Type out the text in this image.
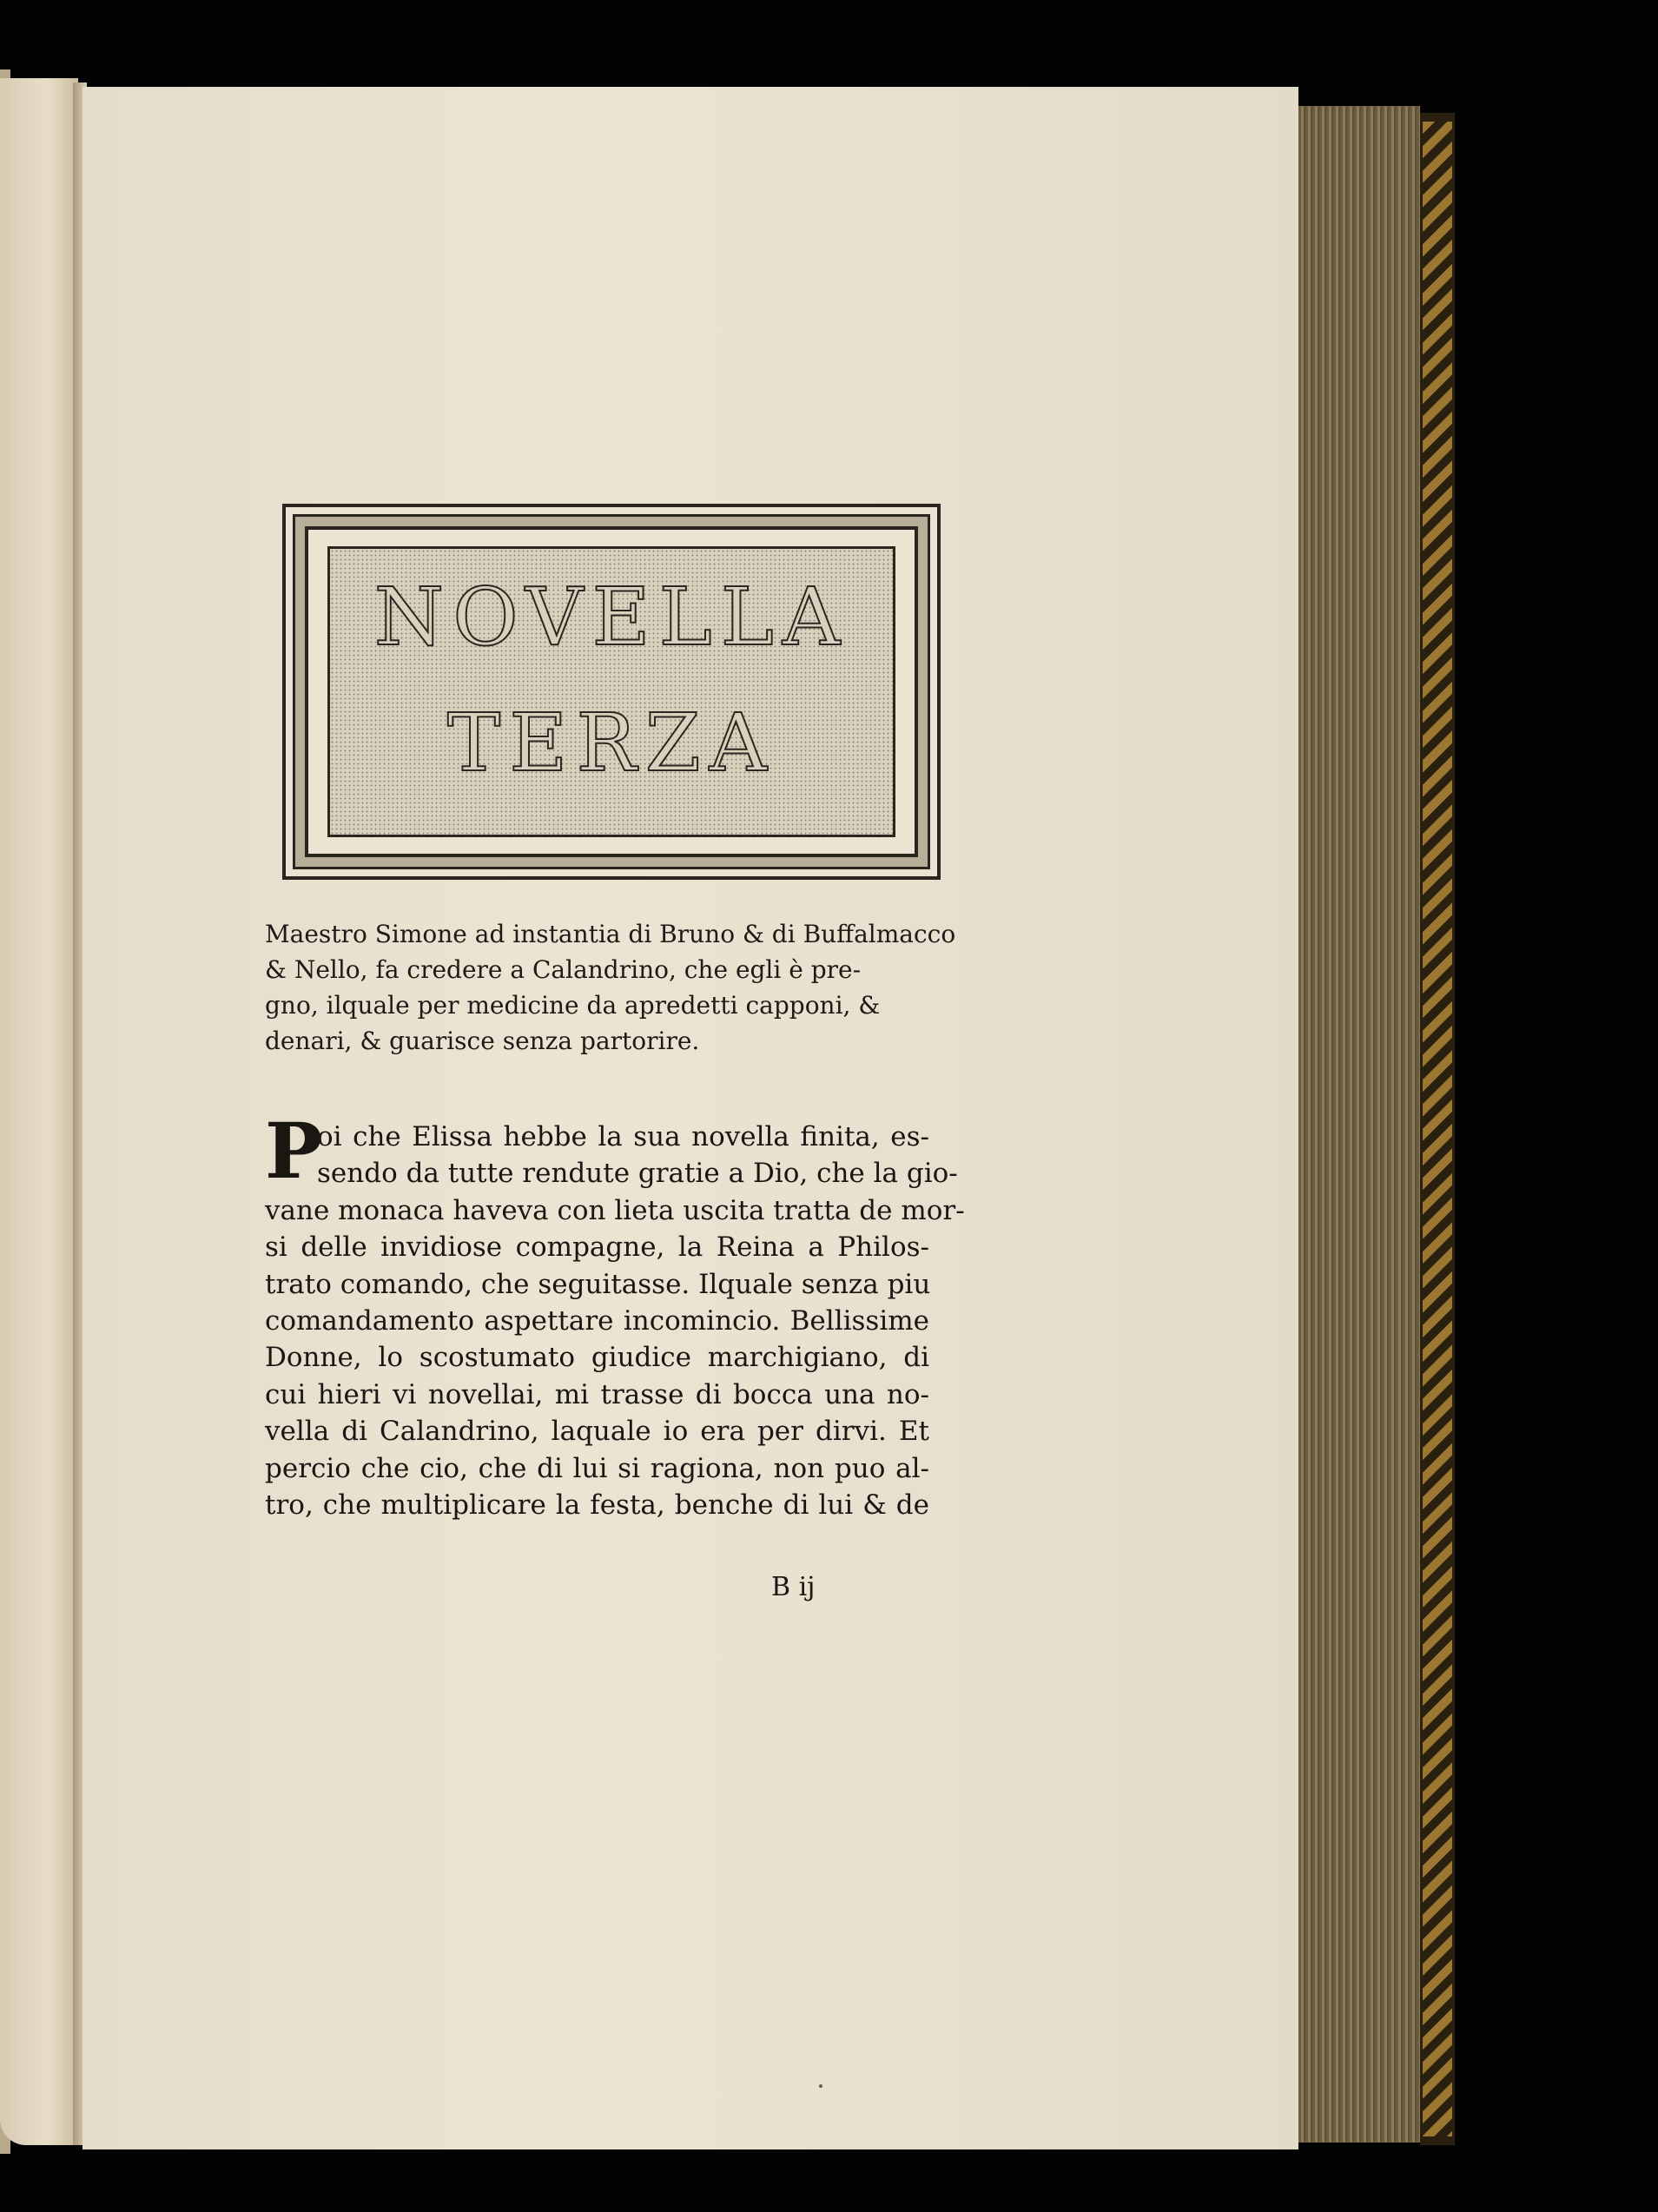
NOVELLA
TERZA
Maestro Simone ad instantia di Bruno & di Buffalmacco
& Nello, fa credere a Calandrino, che egli è pre-
gno, ilquale per medicine da apredetti capponi, &
denari, & guarisce senza partorire.
P
oi che Elissa hebbe la sua novella finita, es-
sendo da tutte rendute gratie a Dio, che la gio-
vane monaca haveva con lieta uscita tratta de mor-
si delle invidiose compagne, la Reina a Philos-
trato comando, che seguitasse. Ilquale senza piu
comandamento aspettare incomincio. Bellissime
Donne, lo scostumato giudice marchigiano, di
cui hieri vi novellai, mi trasse di bocca una no-
vella di Calandrino, laquale io era per dirvi. Et
percio che cio, che di lui si ragiona, non puo al-
tro, che multiplicare la festa, benche di lui & de
B ij
